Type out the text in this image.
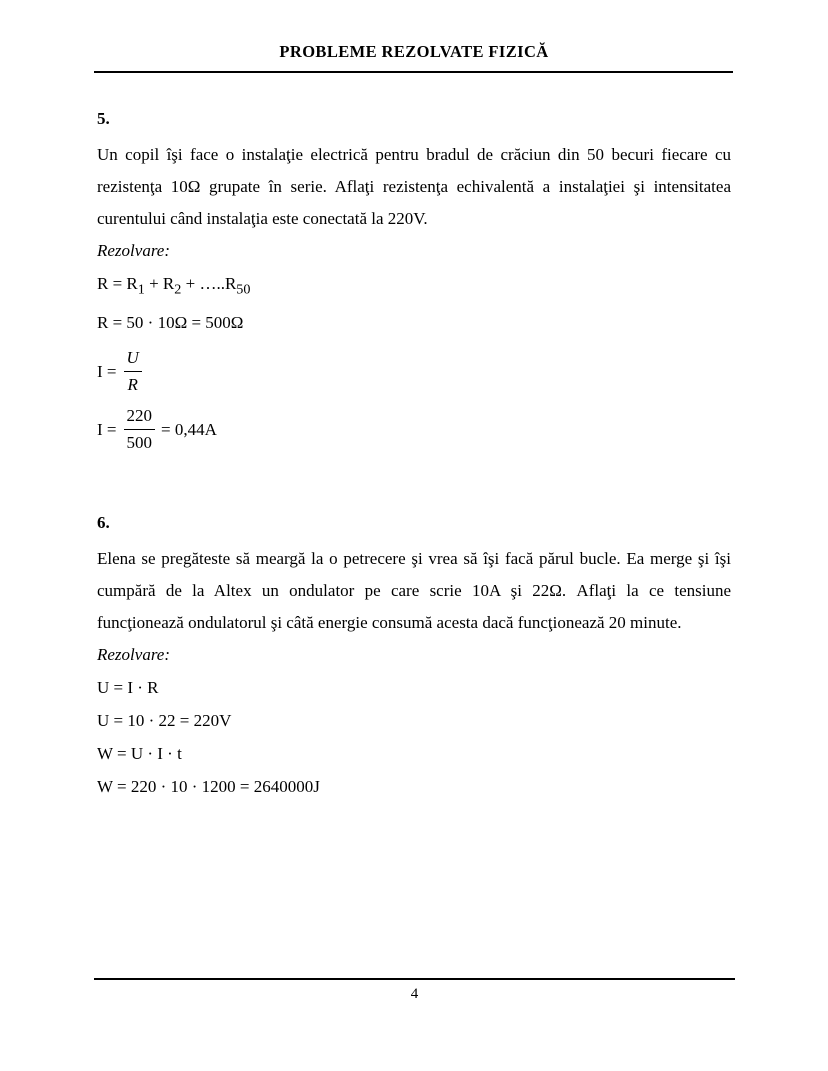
PROBLEME REZOLVATE FIZICĂ
5.

Un copil îşi face o instalaţie electrică pentru bradul de crăciun din 50 becuri fiecare cu rezistenţa 10Ω grupate în serie. Aflaţi rezistenţa echivalentă a instalaţiei şi intensitatea curentului când instalaţia este conectată la 220V.

Rezolvare:

$R = R_1 + R_2$ + $\dots..R_{50}$
R = 50 · 10Ω = 500Ω
$I = \frac{U}{R}$
$I = \frac{220}{500} = 0,44A$
6.

Elena se pregăteste să meargă la o petrecere şi vrea să îşi facă părul bucle. Ea merge şi îşi cumpără de la Altex un ondulator pe care scrie 10A şi 22Ω. Aflaţi la ce tensiune funcţionează ondulatorul şi câtă energie consumă acesta dacă funcţionează 20 minute.

Rezolvare:

U = I · R
U = 10 · 22 = 220V
W = U · I · t
W = 220 · 10 · 1200 = 2640000J
4
